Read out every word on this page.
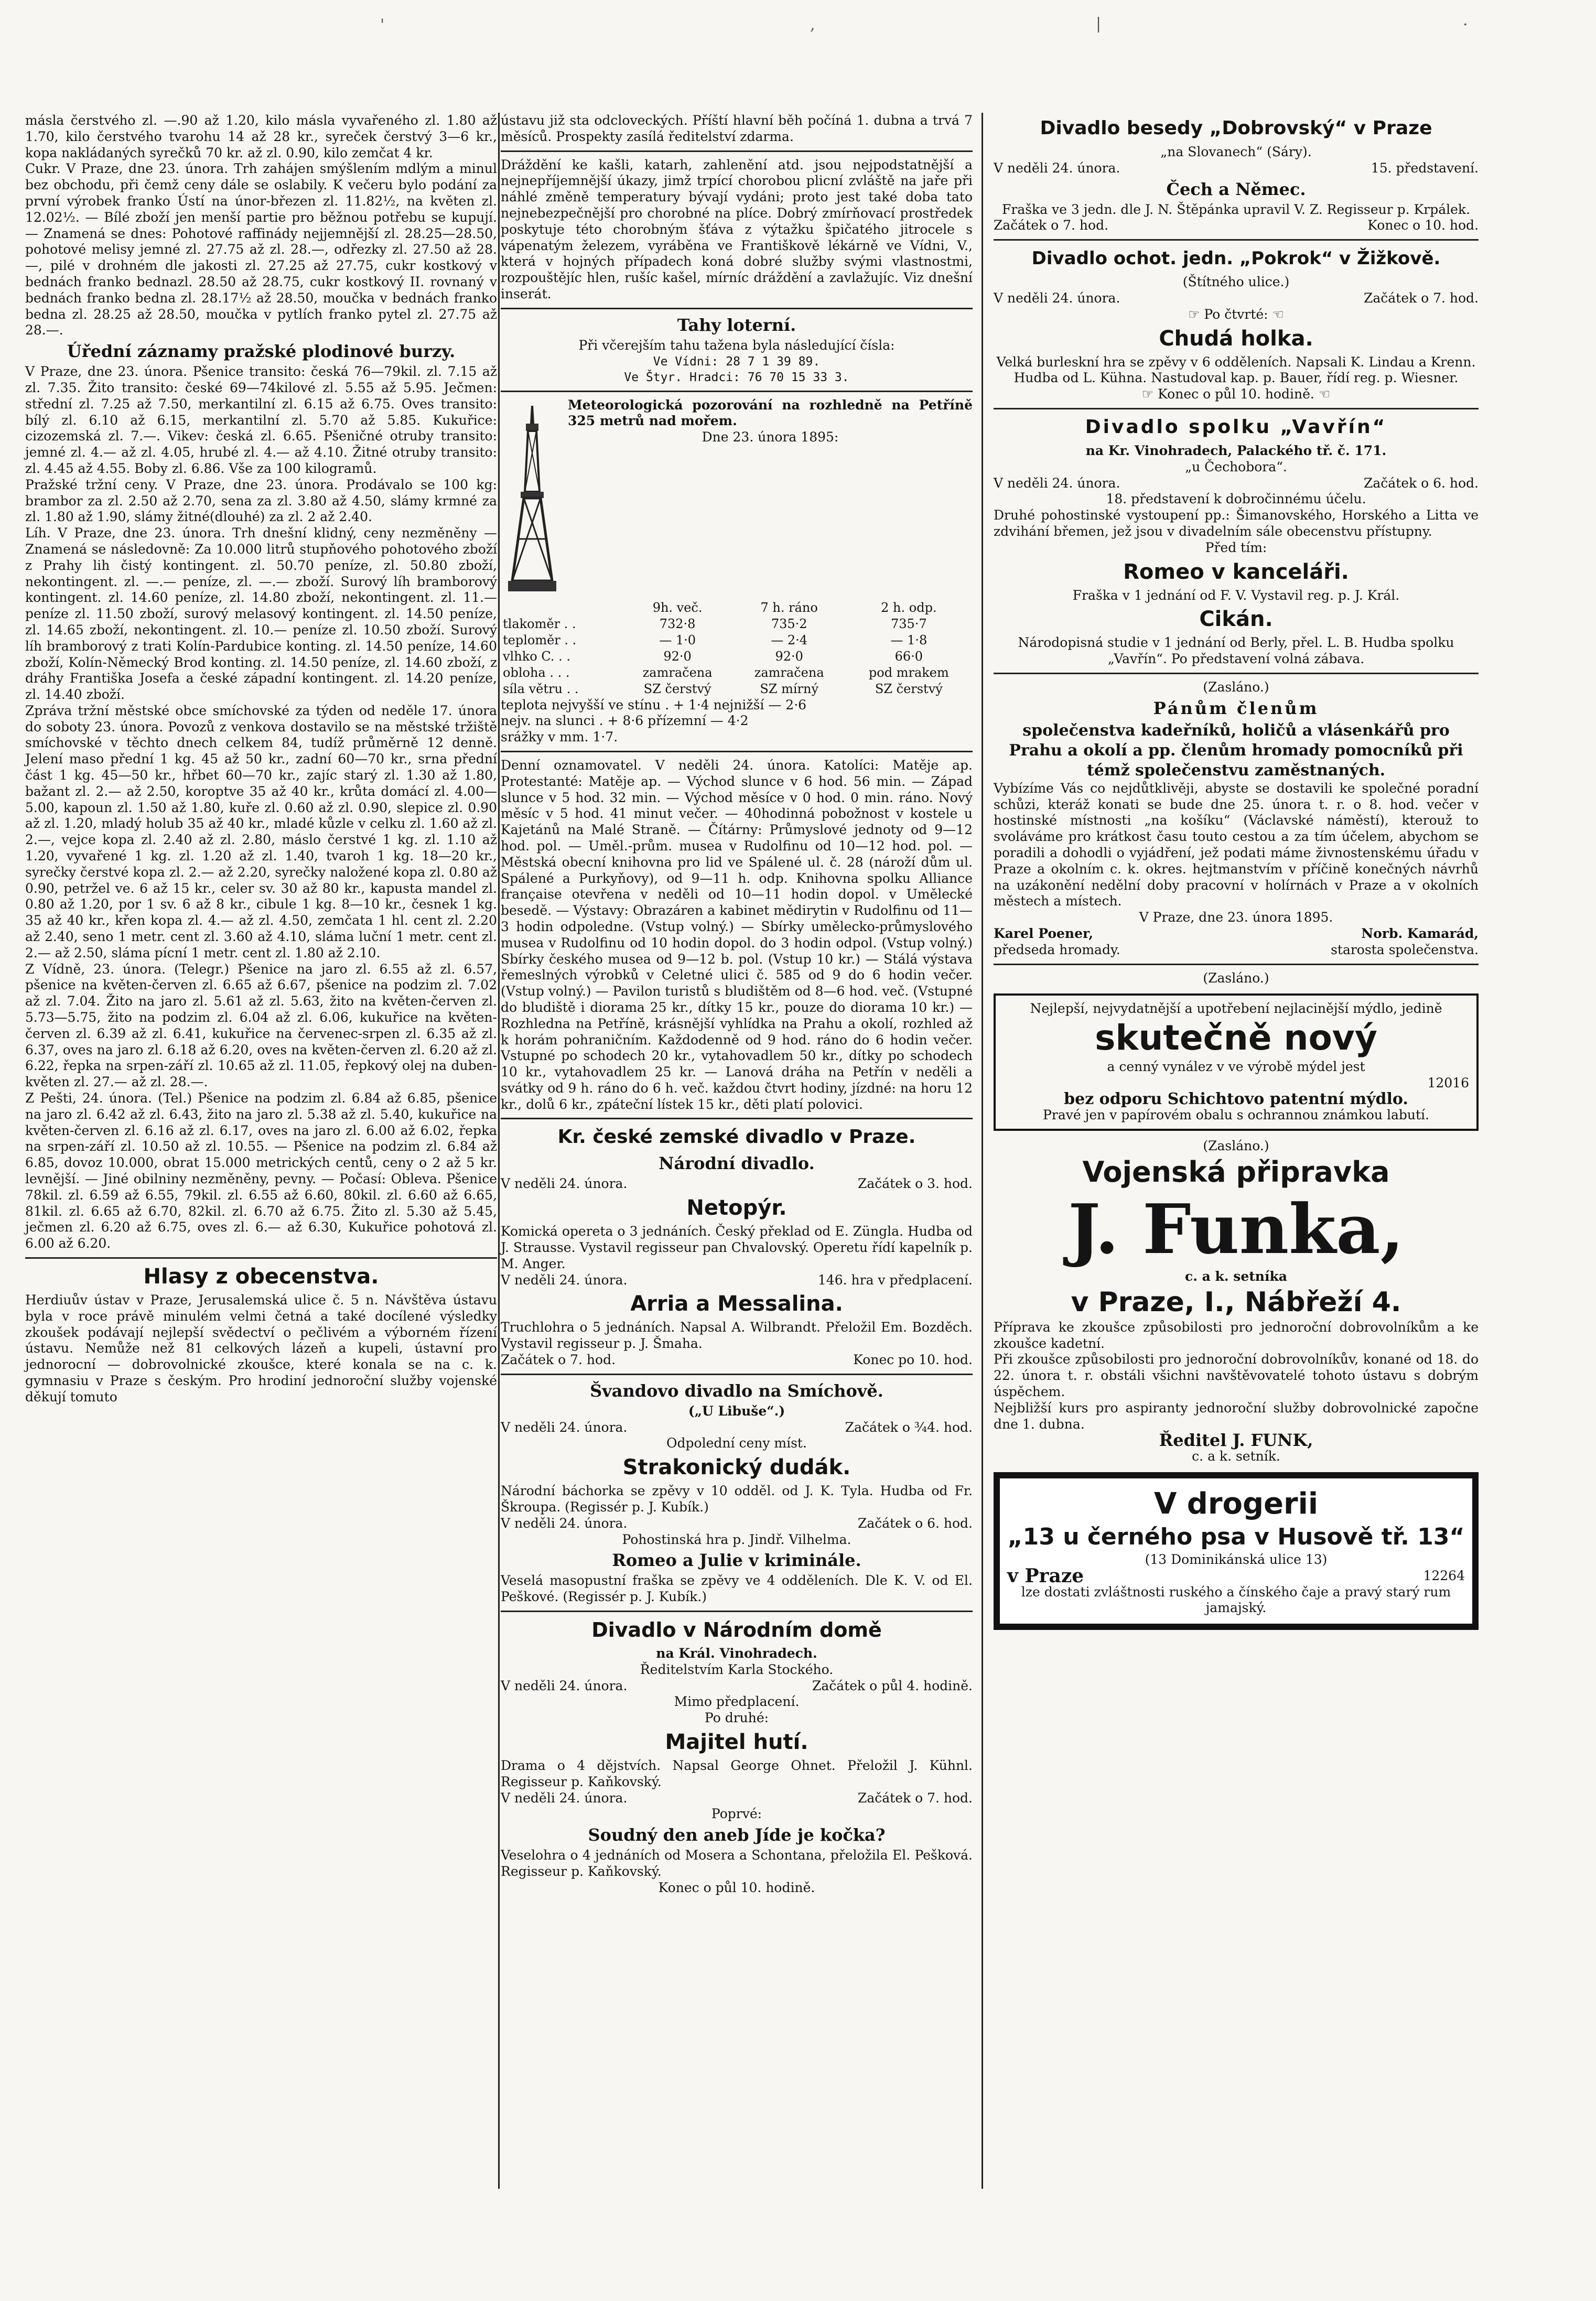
'	,	|	·

másla čerstvého zl. —.90 až 1.20, kilo másla vyvařeného zl. 1.80 až 1.70, kilo čerstvého tvarohu 14 až 28 kr., syreček čerstvý 3—6 kr., kopa nakládaných syrečků 70 kr. až zl. 0.90, kilo zemčat 4 kr.

Cukr. V Praze, dne 23. února. Trh zahájen smýšlením mdlým a minul bez obchodu, při čemž ceny dále se oslabily. K večeru bylo podání za první výrobek franko Ústí na únor-březen zl. 11.82½, na květen zl. 12.02½. — Bílé zboží jen menší partie pro běžnou potřebu se kupují. — Znamená se dnes: Pohotové raffinády nejjemnější zl. 28.25—28.50, pohotové melisy jemné zl. 27.75 až zl. 28.—, odřezky zl. 27.50 až 28.—, pilé v drohném dle jakosti zl. 27.25 až 27.75, cukr kostkový v bednách franko bednazl. 28.50 až 28.75, cukr kostkový II. rovnaný v bednách franko bedna zl. 28.17½ až 28.50, moučka v bednách franko bedna zl. 28.25 až 28.50, moučka v pytlích franko pytel zl. 27.75 až 28.—.

Úřední záznamy pražské plodinové burzy.

V Praze, dne 23. února. Pšenice transito: česká 76—79kil. zl. 7.15 až zl. 7.35. Žito transito: české 69—74kilové zl. 5.55 až 5.95. Ječmen: střední zl. 7.25 až 7.50, merkantilní zl. 6.15 až 6.75. Oves transito: bílý zl. 6.10 až 6.15, merkantilní zl. 5.70 až 5.85. Kukuřice: cizozemská zl. 7.—. Vikev: česká zl. 6.65. Pšeničné otruby transito: jemné zl. 4.— až zl. 4.05, hrubé zl. 4.— až 4.10. Žitné otruby transito: zl. 4.45 až 4.55. Boby zl. 6.86. Vše za 100 kilogramů.

Pražské tržní ceny. V Praze, dne 23. února. Prodávalo se 100 kg: brambor za zl. 2.50 až 2.70, sena za zl. 3.80 až 4.50, slámy krmné za zl. 1.80 až 1.90, slámy žitné(dlouhé) za zl. 2 až 2.40.

Líh. V Praze, dne 23. února. Trh dnešní klidný, ceny nezměněny — Znamená se následovně: Za 10.000 litrů stupňového pohotového zboží z Prahy lih čistý kontingent. zl. 50.70 peníze, zl. 50.80 zboží, nekontingent. zl. —.— peníze, zl. —.— zboží. Surový líh bramborový kontingent. zl. 14.60 peníze, zl. 14.80 zboží, nekontingent. zl. 11.— peníze zl. 11.50 zboží, surový melasový kontingent. zl. 14.50 peníze, zl. 14.65 zboží, nekontingent. zl. 10.— peníze zl. 10.50 zboží. Surový líh bramborový z trati Kolín-Pardubice konting. zl. 14.50 peníze, 14.60 zboží, Kolín-Německý Brod konting. zl. 14.50 peníze, zl. 14.60 zboží, z dráhy Františka Josefa a české západní kontingent. zl. 14.20 peníze, zl. 14.40 zboží.

Zpráva tržní městské obce smíchovské za týden od neděle 17. února do soboty 23. února. Povozů z venkova dostavilo se na městské tržiště smíchovské v těchto dnech celkem 84, tudíž průměrně 12 denně. Jelení maso přední 1 kg. 45 až 50 kr., zadní 60—70 kr., srna přední část 1 kg. 45—50 kr., hřbet 60—70 kr., zajíc starý zl. 1.30 až 1.80, bažant zl. 2.— až 2.50, koroptve 35 až 40 kr., krůta domácí zl. 4.00—5.00, kapoun zl. 1.50 až 1.80, kuře zl. 0.60 až zl. 0.90, slepice zl. 0.90 až zl. 1.20, mladý holub 35 až 40 kr., mladé kůzle v celku zl. 1.60 až zl. 2.—, vejce kopa zl. 2.40 až zl. 2.80, máslo čerstvé 1 kg. zl. 1.10 až 1.20, vyvařené 1 kg. zl. 1.20 až zl. 1.40, tvaroh 1 kg. 18—20 kr., syrečky čerstvé kopa zl. 2.— až 2.20, syrečky naložené kopa zl. 0.80 až 0.90, petržel ve. 6 až 15 kr., celer sv. 30 až 80 kr., kapusta mandel zl. 0.80 až 1.20, por 1 sv. 6 až 8 kr., cibule 1 kg. 8—10 kr., česnek 1 kg. 35 až 40 kr., křen kopa zl. 4.— až zl. 4.50, zemčata 1 hl. cent zl. 2.20 až 2.40, seno 1 metr. cent zl. 3.60 až 4.10, sláma luční 1 metr. cent zl. 2.— až 2.50, sláma pícní 1 metr. cent zl. 1.80 až 2.10.

Z Vídně, 23. února. (Telegr.) Pšenice na jaro zl. 6.55 až zl. 6.57, pšenice na květen-červen zl. 6.65 až 6.67, pšenice na podzim zl. 7.02 až zl. 7.04. Žito na jaro zl. 5.61 až zl. 5.63, žito na květen-červen zl. 5.73—5.75, žito na podzim zl. 6.04 až zl. 6.06, kukuřice na květen-červen zl. 6.39 až zl. 6.41, kukuřice na červenec-srpen zl. 6.35 až zl. 6.37, oves na jaro zl. 6.18 až 6.20, oves na květen-červen zl. 6.20 až zl. 6.22, řepka na srpen-září zl. 10.65 až zl. 11.05, řepkový olej na duben-květen zl. 27.— až zl. 28.—.

Z Pešti, 24. února. (Tel.) Pšenice na podzim zl. 6.84 až 6.85, pšenice na jaro zl. 6.42 až zl. 6.43, žito na jaro zl. 5.38 až zl. 5.40, kukuřice na květen-červen zl. 6.16 až zl. 6.17, oves na jaro zl. 6.00 až 6.02, řepka na srpen-září zl. 10.50 až zl. 10.55. — Pšenice na podzim zl. 6.84 až 6.85, dovoz 10.000, obrat 15.000 metrických centů, ceny o 2 až 5 kr. levnější. — Jiné obilniny nezměněny, pevny. — Počasí: Oblevа. Pšenice 78kil. zl. 6.59 až 6.55, 79kil. zl. 6.55 až 6.60, 80kil. zl. 6.60 až 6.65, 81kil. zl. 6.65 až 6.70, 82kil. zl. 6.70 až 6.75. Žito zl. 5.30 až 5.45, ječmen zl. 6.20 až 6.75, oves zl. 6.— až 6.30, Kukuřice pohotová zl. 6.00 až 6.20.

Hlasy z obecenstva.

Herdiuův ústav v Praze, Jerusalemská ulice č. 5 n. Návštěva ústavu byla v roce právě minulém velmi četná a také docílené výsledky zkoušek podávají nejlepší svědectví o pečlivém a výborném řízení ústavu. Nemůže než 81 celkových lázeň a kupeli, ústavní pro jednorocní — dobrovolnické zkoušce, které konala se na c. k. gymnasiu v Praze s českým. Pro hrodiní jednoroční služby vojenské děkují tomuto

ústavu již sta odcloveckých. Příští hlavní běh počíná 1. dubna a trvá 7 měsíců. Prospekty zasílá ředitelství zdarma.

Dráždění ke kašli, katarh, zahlenění atd. jsou nejpodstatnější a nejnepříjemnější úkazy, jimž trpící chorobou plicní zvláště na jaře při náhlé změně temperatury bývají vydáni; proto jest také doba tato nejnebezpečnější pro chorobné na plíce. Dobrý zmírňovací prostředek poskytuje této chorobným šťáva z výtažku špičatého jitrocele s vápenatým železem, vyráběna ve Františkově lékárně ve Vídni, V., která v hojných případech koná dobré služby svými vlastnostmi, rozpouštějíc hlen, rušíc kašel, mírníc dráždění a zavlažujíc. Viz dnešní inserát.

Tahy loterní.

Při včerejším tahu tažena byla následující čísla:

Ve Vídni: 28 7 1 39 89.
Ve Štyr. Hradci: 76 70 15 33 3.

Meteorologická pozorování na rozhledně na Petříně 325 metrů nad mořem.

Dne 23. února 1895:

	9h. več.	7 h. ráno	2 h. odp.
tlakoměr . .	732·8	735·2	735·7
teploměr . .	— 1·0	— 2·4	— 1·8
vlhko C. . .	92·0	92·0	66·0
obloha . . .	zamračena	zamračena	pod mrakem
síla větru . .	SZ čerstvý	SZ mírný	SZ čerstvý

teplota nejvyšší ve stínu . + 1·4 nejnižší — 2·6

nejv. na slunci . + 8·6 přízemní — 4·2

srážky v mm. 1·7.

Denní oznamovatel. V neděli 24. února. Katolíci: Matěje ap. Protestanté: Matěje ap. — Východ slunce v 6 hod. 56 min. — Západ slunce v 5 hod. 32 min. — Východ měsíce v 0 hod. 0 min. ráno. Nový měsíc v 5 hod. 41 minut večer. — 40hodinná pobožnost v kostele u Kajetánů na Malé Straně. — Čítárny: Průmyslové jednoty od 9—12 hod. pol. — Uměl.-prům. musea v Rudolfinu od 10—12 hod. pol. — Městská obecní knihovna pro lid ve Spálené ul. č. 28 (nároží dům ul. Spálené a Purkyňovy), od 9—11 h. odp. Knihovna spolku Alliance française otevřena v neděli od 10—11 hodin dopol. v Umělecké besedě. — Výstavy: Obrazáren a kabinet mědirytin v Rudolfinu od 11—3 hodin odpoledne. (Vstup volný.) — Sbírky umělecko-průmyslového musea v Rudolfinu od 10 hodin dopol. do 3 hodin odpol. (Vstup volný.) Sbírky českého musea od 9—12 b. pol. (Vstup 10 kr.) — Stálá výstava řemeslných výrobků v Celetné ulici č. 585 od 9 do 6 hodin večer. (Vstup volný.) — Pavilon turistů s bludištěm od 8—6 hod. več. (Vstupné do bludiště i diorama 25 kr., dítky 15 kr., pouze do diorama 10 kr.) — Rozhledna na Petříně, krásnější vyhlídka na Prahu a okolí, rozhled až k horám pohraničním. Každodenně od 9 hod. ráno do 6 hodin večer. Vstupné po schodech 20 kr., vytahovadlem 50 kr., dítky po schodech 10 kr., vytahovadlem 25 kr. — Lanová dráha na Petřín v neděli a svátky od 9 h. ráno do 6 h. več. každou čtvrt hodiny, jízdné: na horu 12 kr., dolů 6 kr., zpáteční lístek 15 kr., děti platí polovici.

Kr. české zemské divadlo v Praze.
Národní divadlo.
V neděli 24. února.	Začátek o 3. hod.
Netopýr.

Komická opereta o 3 jednáních. Český překlad od E. Züngla. Hudba od J. Strausse. Vystavil regisseur pan Chvalovský. Operetu řídí kapelník p. M. Anger.

V neděli 24. února.	146. hra v předplacení.
Arria a Messalina.

Truchlohra o 5 jednáních. Napsal A. Wilbrandt. Přeložil Em. Bozděch. Vystavil regisseur p. J. Šmaha.

Začátek o 7. hod.	Konec po 10. hod.
Švandovo divadlo na Smíchově.

(„U Libuše“.)

V neděli 24. února.	Začátek o ¾4. hod.

Odpolední ceny míst.

Strakonický dudák.

Národní báchorka se zpěvy v 10 odděl. od J. K. Tyla. Hudba od Fr. Škroupa. (Regissér p. J. Kubík.)

V neděli 24. února.	Začátek o 6. hod.

Pohostinská hra p. Jindř. Vilhelma.

Romeo a Julie v kriminále.

Veselá masopustní fraška se zpěvy ve 4 odděleních. Dle K. V. od El. Peškové. (Regissér p. J. Kubík.)

Divadlo v Národním domě

na Král. Vinohradech.

Ředitelstvím Karla Stockého.

V neděli 24. února.	Začátek o půl 4. hodině.

Mimo předplacení.

Po druhé:

Majitel hutí.

Drama o 4 dějstvích. Napsal George Ohnet. Přeložil J. Kühnl. Regisseur p. Kaňkovský.

V neděli 24. února.	Začátek o 7. hod.

Poprvé:

Soudný den aneb Jíde je kočka?

Veselohra o 4 jednáních od Mosera a Schontana, přeložila El. Pešková. Regisseur p. Kaňkovský.

Konec o půl 10. hodině.

Divadlo besedy „Dobrovský“ v Praze

„na Slovanech“ (Sáry).

V neděli 24. února.	15. představení.
Čech a Němec.

Fraška ve 3 jedn. dle J. N. Štěpánka upravil V. Z. Regisseur p. Krpálek.

Začátek o 7. hod.	Konec o 10. hod.
Divadlo ochot. jedn. „Pokrok“ v Žižkově.

(Štítného ulice.)

V neděli 24. února.	Začátek o 7. hod.

☞ Po čtvrté: ☜

Chudá holka.

Velká burleskní hra se zpěvy v 6 odděleních. Napsali K. Lindau a Krenn. Hudba od L. Kühna. Nastudoval kap. p. Bauer, řídí reg. p. Wiesner.

☞ Konec o půl 10. hodině. ☜

Divadlo spolku „Vavřín“

na Kr. Vinohradech, Palackého tř. č. 171.

„u Čechobora“.

V neděli 24. února.	Začátek o 6. hod.

18. představení k dobročinnému účelu.

Druhé pohostinské vystoupení pp.: Šimanovského, Horského a Litta ve zdvihání břemen, jež jsou v divadelním sále obecenstvu přístupny.

Před tím:

Romeo v kanceláři.

Fraška v 1 jednání od F. V. Vystavil reg. p. J. Král.

Cikán.

Národopisná studie v 1 jednání od Berly, přel. L. B. Hudba spolku „Vavřín“. Po představení volná zábava.

(Zasláno.)

Pánům členům

společenstva kadeřníků, holičů a vlásenkářů pro Prahu a okolí a pp. členům hromady pomocníků při témž společenstvu zaměstnaných.

Vybízíme Vás co nejdůtklivěji, abyste se dostavili ke společné poradní schůzi, kteráž konati se bude dne 25. února t. r. o 8. hod. večer v hostinské místnosti „na košíku“ (Václavské náměstí), kterouž to svoláváme pro krátkost času touto cestou a za tím účelem, abychom se poradili a dohodli o vyjádření, jež podati máme živnostenskému úřadu v Praze a okolním c. k. okres. hejtmanstvím v příčině konečných návrhů na uzákonění nedělní doby pracovní v holírnách v Praze a v okolních městech a místech.

V Praze, dne 23. února 1895.

Karel Poener,	Norb. Kamarád,
předseda hromady.	starosta společenstva.

(Zasláno.)

Nejlepší, nejvydatnější a upotřebení nejlacinější mýdlo, jedině

skutečně nový

a cenný vynález v ve výrobě mýdel jest

12016

bez odporu Schichtovo patentní mýdlo.

Pravé jen v papírovém obalu s ochrannou známkou labutí.

(Zasláno.)

Vojenská připravka
J. Funka,

c. a k. setníka

v Praze, I., Nábřeží 4.

Příprava ke zkoušce způsobilosti pro jednoroční dobrovolníkům a ke zkoušce kadetní.

Při zkoušce způsobilosti pro jednoroční dobrovolníkův, konané od 18. do 22. února t. r. obstáli všichni navštěvovatelé tohoto ústavu s dobrým úspěchem.

Nejbližší kurs pro aspiranty jednoroční služby dobrovolnické započne dne 1. dubna.

Ředitel J. FUNK,

c. a k. setník.

V drogerii
„13 u černého psa v Husově tř. 13“

(13 Dominikánská ulice 13)

v Praze	12264

lze dostati zvláštnosti ruského a čínského čaje a pravý starý rum jamajský.
